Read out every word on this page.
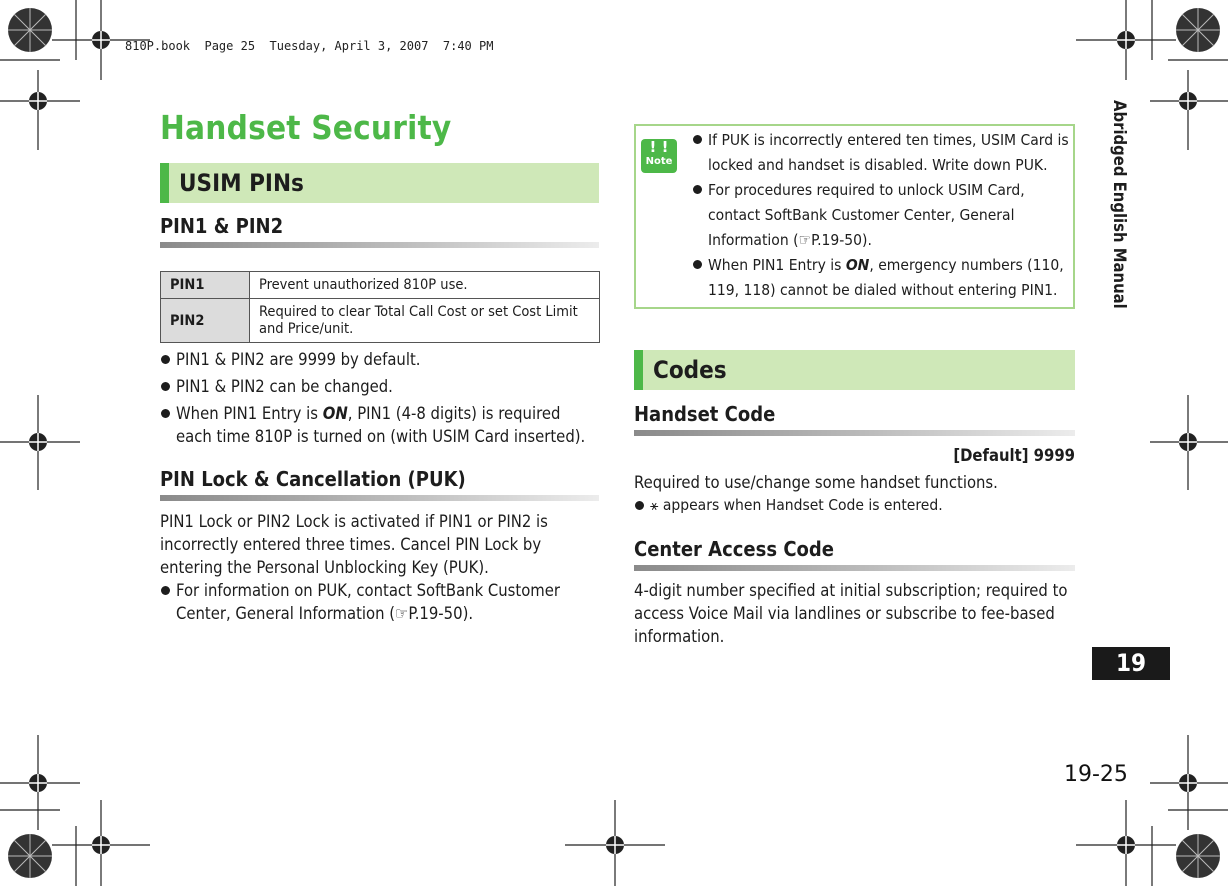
810P.book  Page 25  Tuesday, April 3, 2007  7:40 PM
Handset Security
USIM PINs
PIN1 & PIN2
PIN1	Prevent unauthorized 810P use.
PIN2	Required to clear Total Call Cost or set Cost Limit and Price/unit.
PIN1 & PIN2 are 9999 by default.
PIN1 & PIN2 can be changed.
When PIN1 Entry is ON, PIN1 (4-8 digits) is required each time 810P is turned on (with USIM Card inserted).
PIN Lock & Cancellation (PUK)
PIN1 Lock or PIN2 Lock is activated if PIN1 or PIN2 is incorrectly entered three times. Cancel PIN Lock by entering the Personal Unblocking Key (PUK).
For information on PUK, contact SoftBank Customer Center, General Information (☞P.19-50).
! !
Note
If PUK is incorrectly entered ten times, USIM Card is locked and handset is disabled. Write down PUK.
For procedures required to unlock USIM Card, contact SoftBank Customer Center, General Information (☞P.19-50).
When PIN1 Entry is ON, emergency numbers (110, 119, 118) cannot be dialed without entering PIN1.
Codes
Handset Code
[Default] 9999
Required to use/change some handset functions.
⚹ appears when Handset Code is entered.
Center Access Code
4-digit number specified at initial subscription; required to access Voice Mail via landlines or subscribe to fee-based information.
Abridged English Manual
19
19-25
